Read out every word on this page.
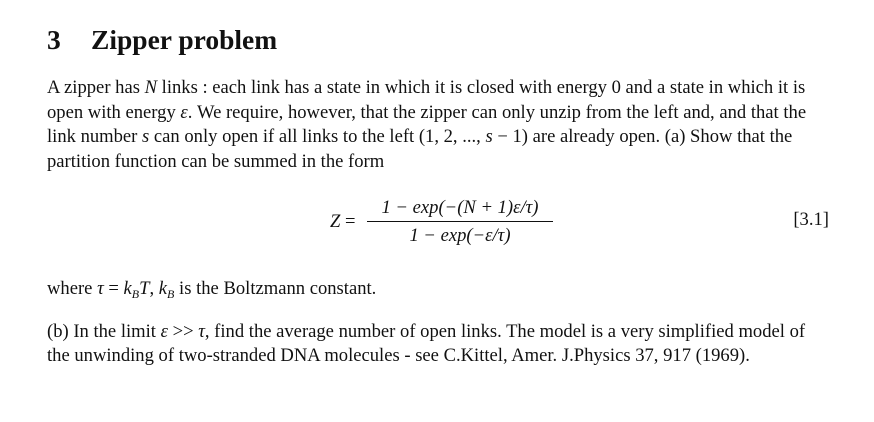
3 Zipper problem

A zipper has N links : each link has a state in which it is closed with energy 0 and a state in which it is open with energy ε. We require, however, that the zipper can only unzip from the left and, and that the link number s can only open if all links to the left (1, 2, ..., s − 1) are already open. (a) Show that the partition function can be summed in the form

Z =
1 − exp(−(N + 1)ε/τ)
1 − exp(−ε/τ)
[3.1]

where $\tau = k_BT$, $k_B$ is the Boltzmann constant.

(b) In the limit ε >> τ, find the average number of open links. The model is a very simplified model of the unwinding of two-stranded DNA molecules - see C.Kittel, Amer. J.Physics 37, 917 (1969).
